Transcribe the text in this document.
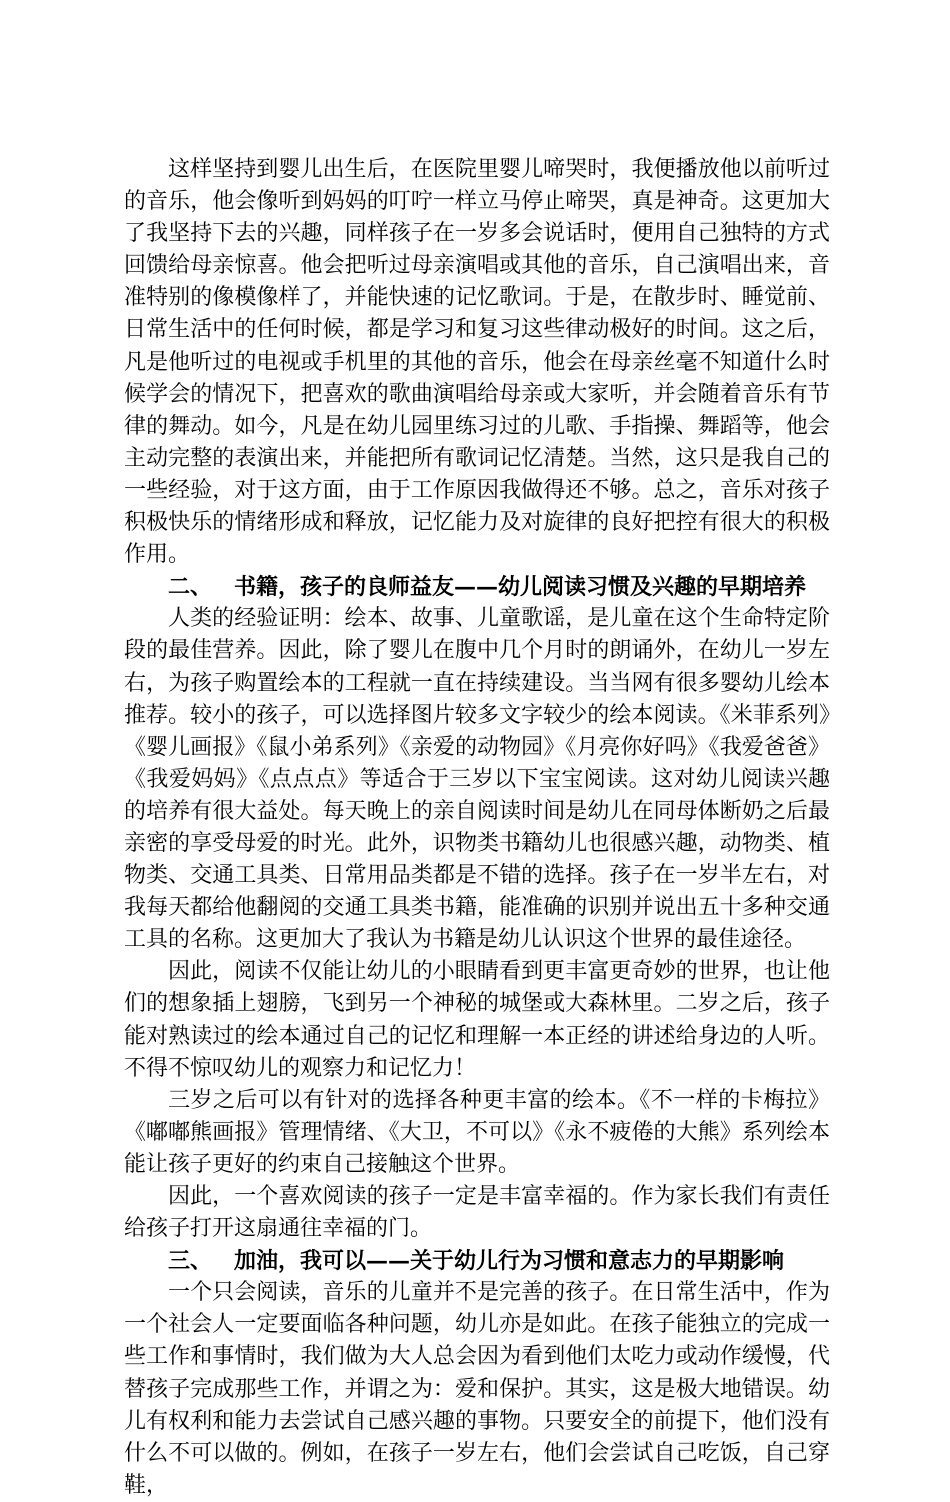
这样坚持到婴儿出生后，在医院里婴儿啼哭时，我便播放他以前听过的音乐，他会像听到妈妈的叮咛一样立马停止啼哭，真是神奇。这更加大了我坚持下去的兴趣，同样孩子在一岁多会说话时，便用自己独特的方式回馈给母亲惊喜。他会把听过母亲演唱或其他的音乐，自己演唱出来，音准特别的像模像样了，并能快速的记忆歌词。于是，在散步时、睡觉前、日常生活中的任何时候，都是学习和复习这些律动极好的时间。这之后，凡是他听过的电视或手机里的其他的音乐，他会在母亲丝毫不知道什么时候学会的情况下，把喜欢的歌曲演唱给母亲或大家听，并会随着音乐有节律的舞动。如今，凡是在幼儿园里练习过的儿歌、手指操、舞蹈等，他会主动完整的表演出来，并能把所有歌词记忆清楚。当然，这只是我自己的一些经验，对于这方面，由于工作原因我做得还不够。总之，音乐对孩子积极快乐的情绪形成和释放，记忆能力及对旋律的良好把控有很大的积极作用。

二、 书籍，孩子的良师益友——幼儿阅读习惯及兴趣的早期培养

人类的经验证明：绘本、故事、儿童歌谣，是儿童在这个生命特定阶段的最佳营养。因此，除了婴儿在腹中几个月时的朗诵外，在幼儿一岁左右，为孩子购置绘本的工程就一直在持续建设。当当网有很多婴幼儿绘本推荐。较小的孩子，可以选择图片较多文字较少的绘本阅读。《米菲系列》《婴儿画报》《鼠小弟系列》《亲爱的动物园》《月亮你好吗》《我爱爸爸》《我爱妈妈》《点点点》等适合于三岁以下宝宝阅读。这对幼儿阅读兴趣的培养有很大益处。每天晚上的亲自阅读时间是幼儿在同母体断奶之后最亲密的享受母爱的时光。此外，识物类书籍幼儿也很感兴趣，动物类、植物类、交通工具类、日常用品类都是不错的选择。孩子在一岁半左右，对我每天都给他翻阅的交通工具类书籍，能准确的识别并说出五十多种交通工具的名称。这更加大了我认为书籍是幼儿认识这个世界的最佳途径。

因此，阅读不仅能让幼儿的小眼睛看到更丰富更奇妙的世界，也让他们的想象插上翅膀，飞到另一个神秘的城堡或大森林里。二岁之后，孩子能对熟读过的绘本通过自己的记忆和理解一本正经的讲述给身边的人听。不得不惊叹幼儿的观察力和记忆力！

三岁之后可以有针对的选择各种更丰富的绘本。《不一样的卡梅拉》《嘟嘟熊画报》管理情绪、《大卫，不可以》《永不疲倦的大熊》系列绘本能让孩子更好的约束自己接触这个世界。

因此，一个喜欢阅读的孩子一定是丰富幸福的。作为家长我们有责任给孩子打开这扇通往幸福的门。

三、 加油，我可以——关于幼儿行为习惯和意志力的早期影响

一个只会阅读，音乐的儿童并不是完善的孩子。在日常生活中，作为一个社会人一定要面临各种问题，幼儿亦是如此。在孩子能独立的完成一些工作和事情时，我们做为大人总会因为看到他们太吃力或动作缓慢，代替孩子完成那些工作，并谓之为：爱和保护。其实，这是极大地错误。幼儿有权利和能力去尝试自己感兴趣的事物。只要安全的前提下，他们没有什么不可以做的。例如，在孩子一岁左右，他们会尝试自己吃饭，自己穿鞋，
